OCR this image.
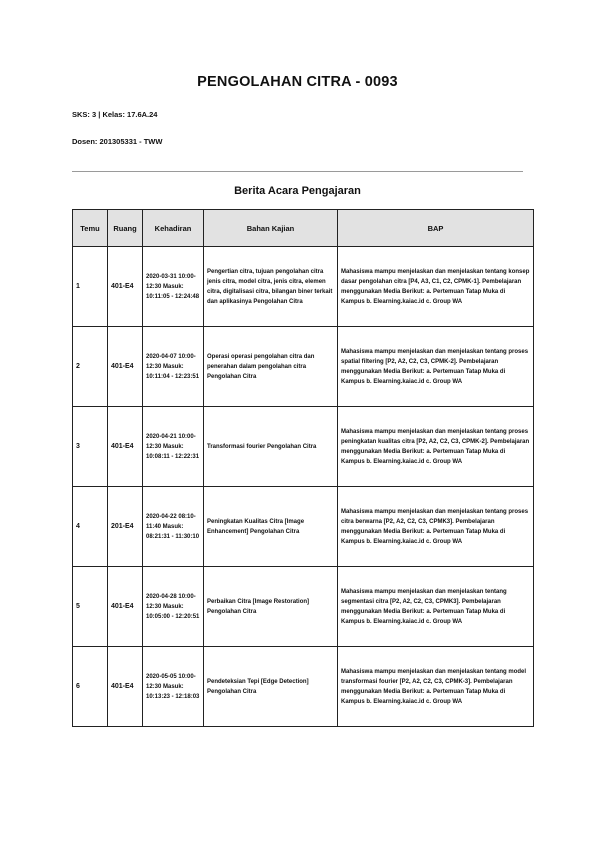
PENGOLAHAN CITRA - 0093
SKS: 3 | Kelas: 17.6A.24
Dosen: 201305331 - TWW
Berita Acara Pengajaran
Temu	Ruang	Kehadiran	Bahan Kajian	BAP
1	401-E4	2020-03-31 10:00-12:30 Masuk: 10:11:05 - 12:24:48	Pengertian citra, tujuan pengolahan citra jenis citra, model citra, jenis citra, elemen citra, digitalisasi citra, bilangan biner terkait dan aplikasinya Pengolahan Citra	Mahasiswa mampu menjelaskan dan menjelaskan tentang konsep dasar pengolahan citra [P4, A3, C1, C2, CPMK-1]. Pembelajaran menggunakan Media Berikut: a. Pertemuan Tatap Muka di Kampus b. Elearning.kaiac.id c. Group WA
2	401-E4	2020-04-07 10:00-12:30 Masuk: 10:11:04 - 12:23:51	Operasi operasi pengolahan citra dan penerahan dalam pengolahan citra Pengolahan Citra	Mahasiswa mampu menjelaskan dan menjelaskan tentang proses spatial filtering [P2, A2, C2, C3, CPMK-2]. Pembelajaran menggunakan Media Berikut: a. Pertemuan Tatap Muka di Kampus b. Elearning.kaiac.id c. Group WA
3	401-E4	2020-04-21 10:00-12:30 Masuk: 10:08:11 - 12:22:31	Transformasi fourier Pengolahan Citra	Mahasiswa mampu menjelaskan dan menjelaskan tentang proses peningkatan kualitas citra [P2, A2, C2, C3, CPMK-2]. Pembelajaran menggunakan Media Berikut: a. Pertemuan Tatap Muka di Kampus b. Elearning.kaiac.id c. Group WA
4	201-E4	2020-04-22 08:10-11:40 Masuk: 08:21:31 - 11:30:10	Peningkatan Kualitas Citra [Image Enhancement] Pengolahan Citra	Mahasiswa mampu menjelaskan dan menjelaskan tentang proses citra berwarna [P2, A2, C2, C3, CPMK3]. Pembelajaran menggunakan Media Berikut: a. Pertemuan Tatap Muka di Kampus b. Elearning.kaiac.id c. Group WA
5	401-E4	2020-04-28 10:00-12:30 Masuk: 10:05:00 - 12:20:51	Perbaikan Citra [Image Restoration] Pengolahan Citra	Mahasiswa mampu menjelaskan dan menjelaskan tentang segmentasi citra [P2, A2, C2, C3, CPMK3]. Pembelajaran menggunakan Media Berikut: a. Pertemuan Tatap Muka di Kampus b. Elearning.kaiac.id c. Group WA
6	401-E4	2020-05-05 10:00-12:30 Masuk: 10:13:23 - 12:18:03	Pendeteksian Tepi [Edge Detection] Pengolahan Citra	Mahasiswa mampu menjelaskan dan menjelaskan tentang model transformasi fourier [P2, A2, C2, C3, CPMK-3]. Pembelajaran menggunakan Media Berikut: a. Pertemuan Tatap Muka di Kampus b. Elearning.kaiac.id c. Group WA
